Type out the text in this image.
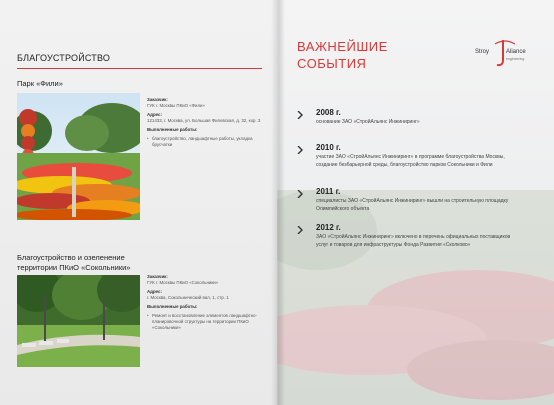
БЛАГОУСТРОЙСТВО
Парк «Фили»

Заказчик:
ГУК г. Москвы ПКиО «Фили»

Адрес:
121433, г. Москва, ул. Большая Филевская, д. 32, кор. 3

Выполненные работы:

• благоустройство, ландшафтные работы, укладка брусчатки
Благоустройство и озеленение
территории ПКиО «Сокольники»

Заказчик:
ГУК г. Москвы ПКиО «Сокольники»

Адрес:
г. Москва, Сокольнический вал, 1, стр. 1

Выполненные работы:

• Ремонт и восстановление элементов ландшафтно-планировочной структуры на территории ПКиО «Сокольники»
ВАЖНЕЙШИЕ
СОБЫТИЯ
Stroy	Aliance
engineering
2008 г.
основание ЗАО «СтройАльянс Инжиниринг»
2010 г.
участие ЗАО «СтройАльянс Инжиниринг» в программе благоустройства Москвы, создание безбарьерной среды, благоустройство парков Сокольники и Фили
2011 г.
специалисты ЗАО «СтройАльянс Инжиниринг» вышли на строительную площадку Олимпийского объекта
2012 г.
ЗАО «СтройАльянс Инжиниринг» включено в перечень официальных поставщиков услуг и товаров для инфраструктуры Фонда Развития «Сколково»
